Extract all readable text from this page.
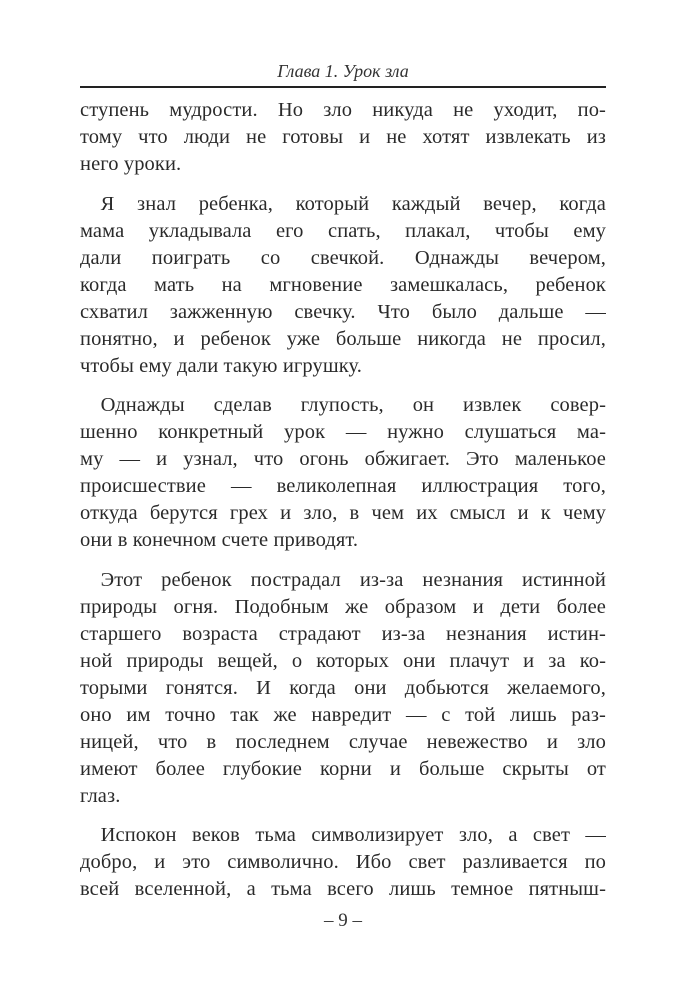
Глава 1. Урок зла
ступень мудрости. Но зло никуда не уходит, по-
тому что люди не готовы и не хотят извлекать из
него уроки.
 Я знал ребенка, который каждый вечер, когда
мама укладывала его спать, плакал, чтобы ему
дали поиграть со свечкой. Однажды вечером,
когда мать на мгновение замешкалась, ребенок
схватил зажженную свечку. Что было дальше —
понятно, и ребенок уже больше никогда не просил,
чтобы ему дали такую игрушку.
 Однажды сделав глупость, он извлек совер-
шенно конкретный урок — нужно слушаться ма-
му — и узнал, что огонь обжигает. Это маленькое
происшествие — великолепная иллюстрация того,
откуда берутся грех и зло, в чем их смысл и к чему
они в конечном счете приводят.
 Этот ребенок пострадал из-за незнания истинной
природы огня. Подобным же образом и дети более
старшего возраста страдают из-за незнания истин-
ной природы вещей, о которых они плачут и за ко-
торыми гонятся. И когда они добьются желаемого,
оно им точно так же навредит — с той лишь раз-
ницей, что в последнем случае невежество и зло
имеют более глубокие корни и больше скрыты от
глаз.
 Испокон веков тьма символизирует зло, а свет —
добро, и это символично. Ибо свет разливается по
всей вселенной, а тьма всего лишь темное пятныш-
– 9 –
